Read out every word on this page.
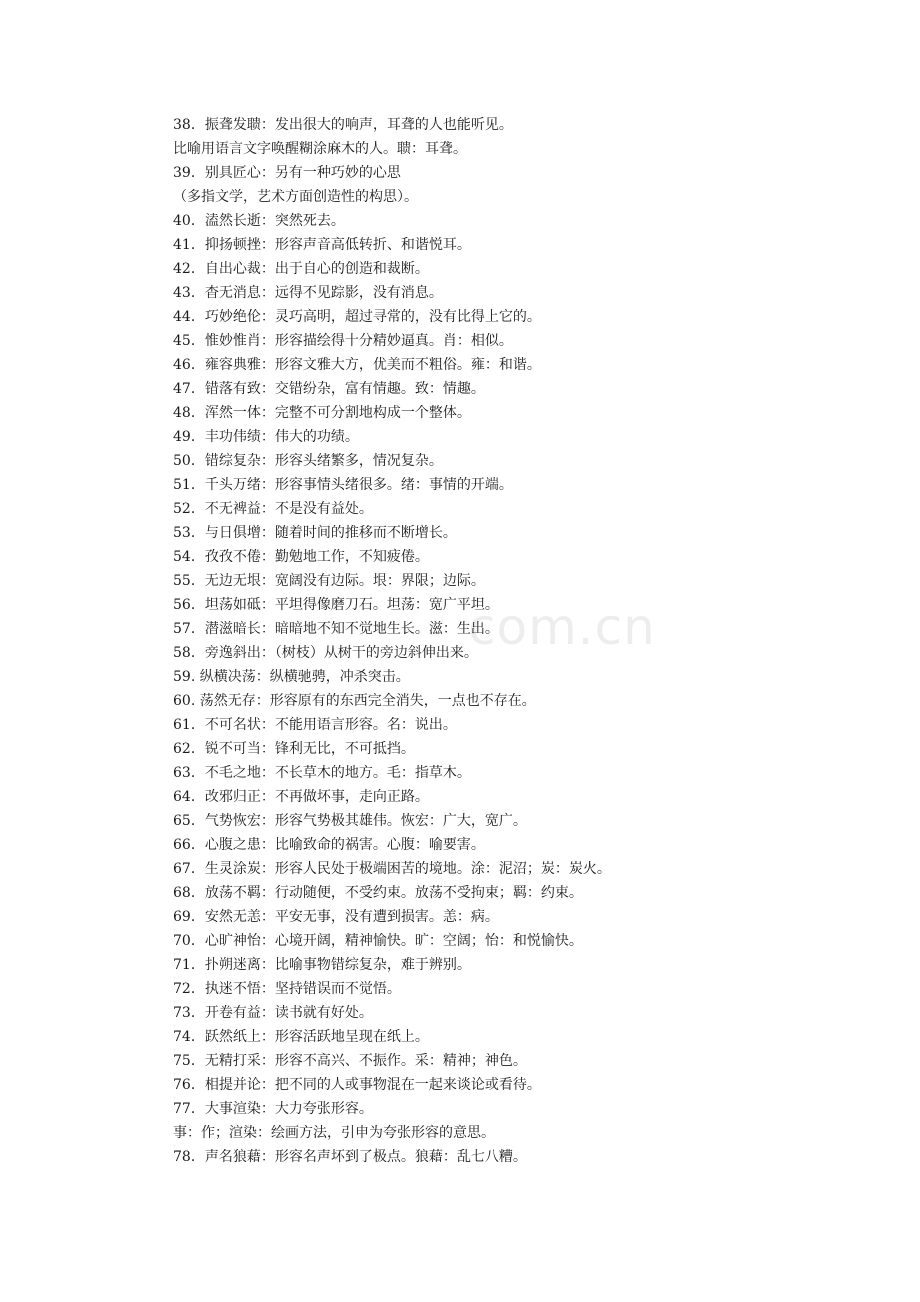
38．振聋发聩：发出很大的响声，耳聋的人也能听见。
比喻用语言文字唤醒糊涂麻木的人。聩：耳聋。
39．别具匠心：另有一种巧妙的心思
（多指文学，艺术方面创造性的构思）。
40．溘然长逝：突然死去。
41．抑扬顿挫：形容声音高低转折、和谐悦耳。
42．自出心裁：出于自心的创造和裁断。
43．杳无消息：远得不见踪影，没有消息。
44．巧妙绝伦：灵巧高明，超过寻常的，没有比得上它的。
45．惟妙惟肖：形容描绘得十分精妙逼真。肖：相似。
46．雍容典雅：形容文雅大方，优美而不粗俗。雍：和谐。
47．错落有致：交错纷杂，富有情趣。致：情趣。
48．浑然一体：完整不可分割地构成一个整体。
49．丰功伟绩：伟大的功绩。
50．错综复杂：形容头绪繁多，情况复杂。
51．千头万绪：形容事情头绪很多。绪：事情的开端。
52．不无裨益：不是没有益处。
53．与日俱增：随着时间的推移而不断增长。
54．孜孜不倦：勤勉地工作，不知疲倦。
55．无边无垠：宽阔没有边际。垠：界限；边际。
56．坦荡如砥：平坦得像磨刀石。坦荡：宽广平坦。
57．潜滋暗长：暗暗地不知不觉地生长。滋：生出。
58．旁逸斜出：（树枝）从树干的旁边斜伸出来。
59. 纵横决荡：纵横驰骋，冲杀突击。
60. 荡然无存：形容原有的东西完全消失，一点也不存在。
61．不可名状：不能用语言形容。名：说出。
62．锐不可当：锋利无比，不可抵挡。
63．不毛之地：不长草木的地方。毛：指草木。
64．改邪归正：不再做坏事，走向正路。
65．气势恢宏：形容气势极其雄伟。恢宏：广大，宽广。
66．心腹之患：比喻致命的祸害。心腹：喻要害。
67．生灵涂炭：形容人民处于极端困苦的境地。涂：泥沼；炭：炭火。
68．放荡不羁：行动随便，不受约束。放荡不受拘束；羁：约束。
69．安然无恙：平安无事，没有遭到损害。恙：病。
70．心旷神怡：心境开阔，精神愉快。旷：空阔；怡：和悦愉快。
71．扑朔迷离：比喻事物错综复杂，难于辨别。
72．执迷不悟：坚持错误而不觉悟。
73．开卷有益：读书就有好处。
74．跃然纸上：形容活跃地呈现在纸上。
75．无精打采：形容不高兴、不振作。采：精神；神色。
76．相提并论：把不同的人或事物混在一起来谈论或看待。
77．大事渲染：大力夸张形容。
事：作；渲染：绘画方法，引申为夸张形容的意思。
78．声名狼藉：形容名声坏到了极点。狼藉：乱七八糟。
com.cn
